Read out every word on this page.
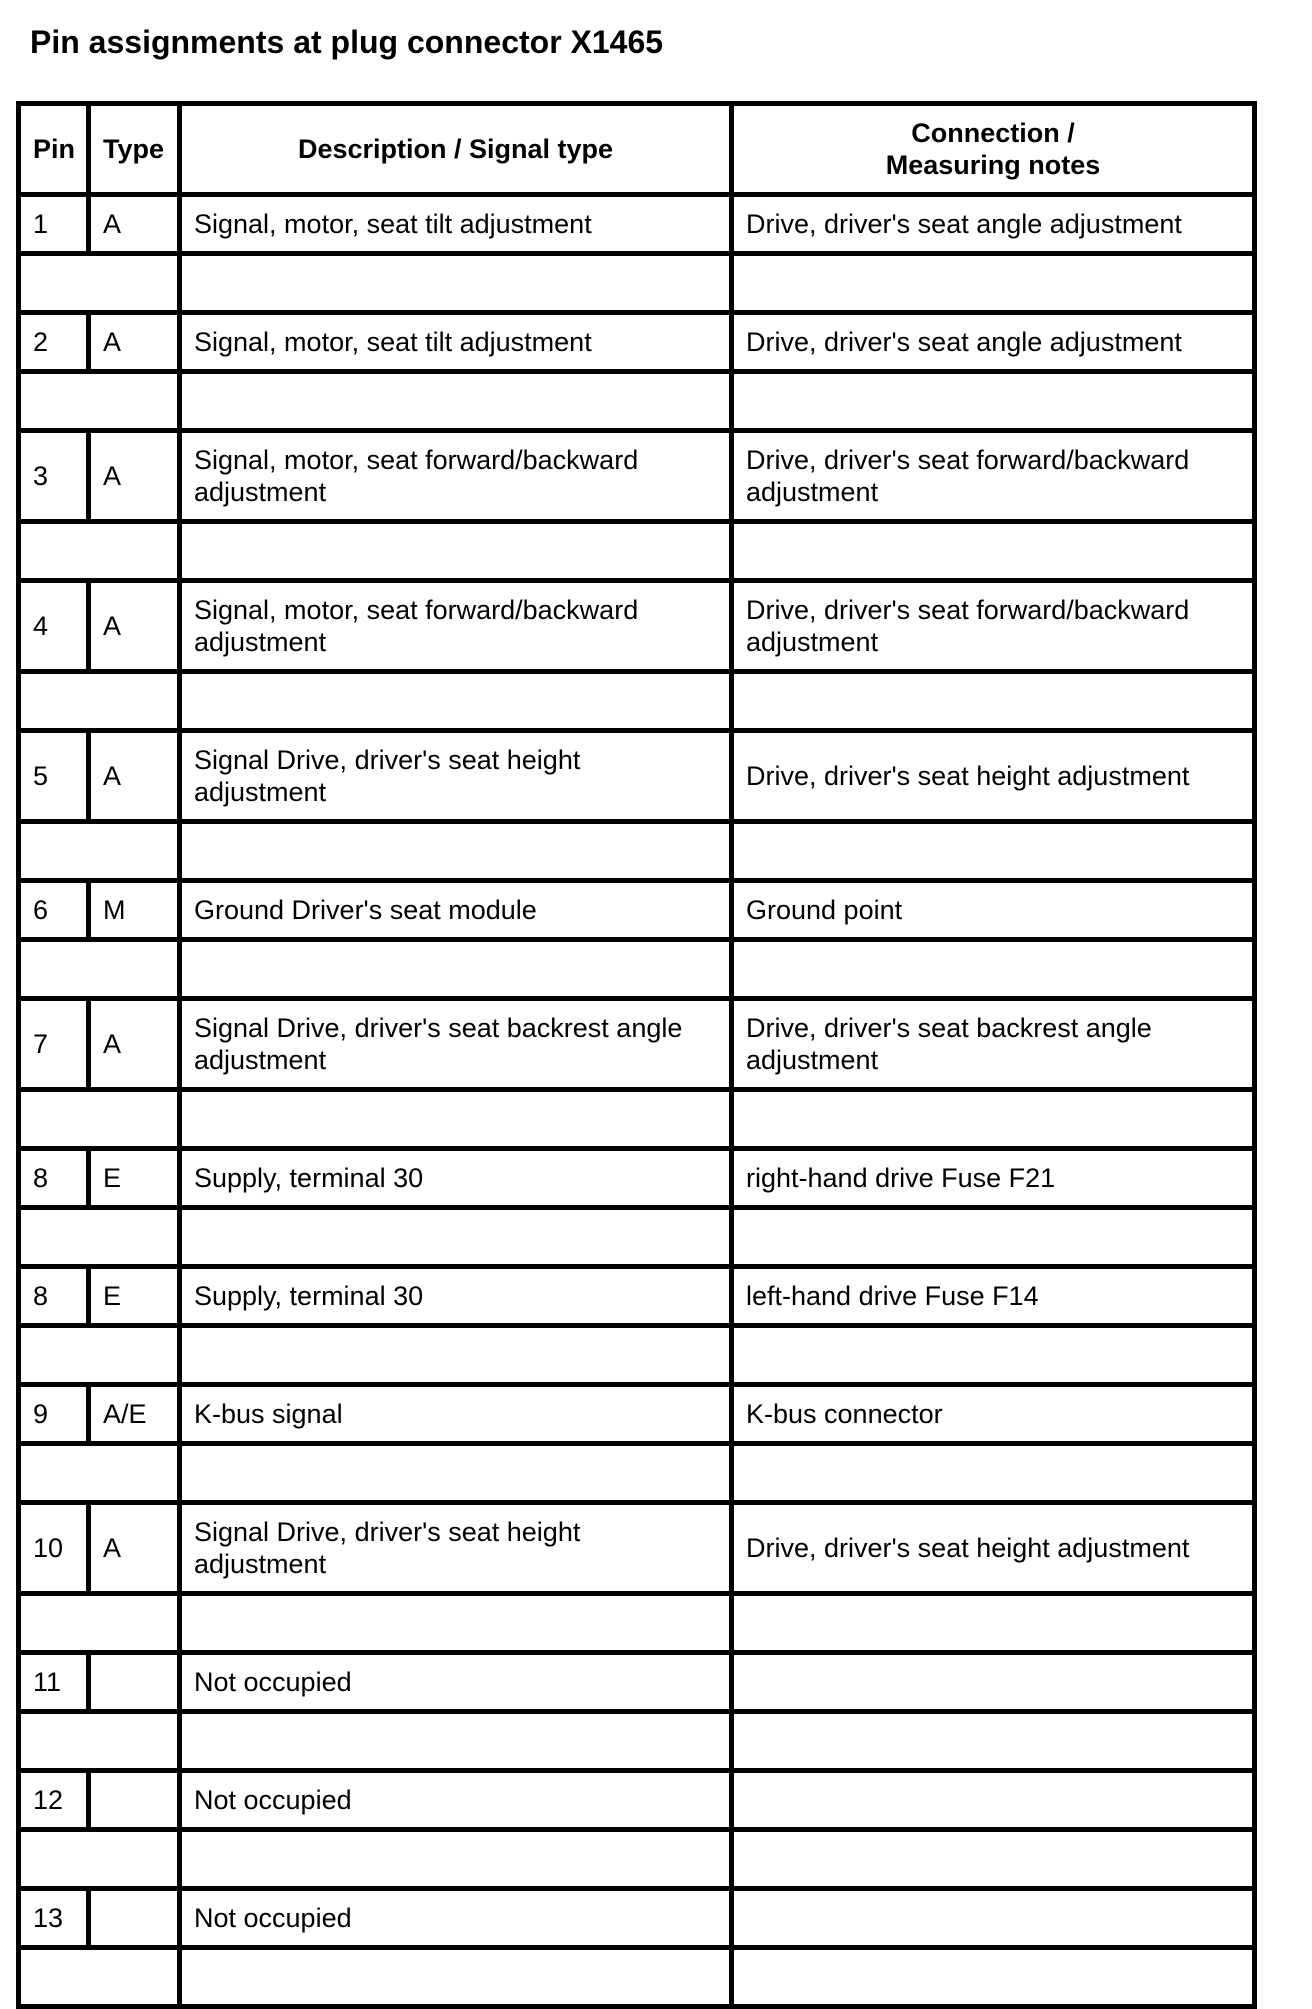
Pin assignments at plug connector X1465
Pin	Type	Description / Signal type	Connection /
Measuring notes
1	A	Signal, motor, seat tilt adjustment	Drive, driver's seat angle adjustment

2	A	Signal, motor, seat tilt adjustment	Drive, driver's seat angle adjustment

3	A	Signal, motor, seat forward/backward adjustment	Drive, driver's seat forward/backward adjustment

4	A	Signal, motor, seat forward/backward adjustment	Drive, driver's seat forward/backward adjustment

5	A	Signal Drive, driver's seat height adjustment	Drive, driver's seat height adjustment

6	M	Ground Driver's seat module	Ground point

7	A	Signal Drive, driver's seat backrest angle adjustment	Drive, driver's seat backrest angle adjustment

8	E	Supply, terminal 30	right-hand drive Fuse F21

8	E	Supply, terminal 30	left-hand drive Fuse F14

9	A/E	K-bus signal	K-bus connector

10	A	Signal Drive, driver's seat height adjustment	Drive, driver's seat height adjustment

11		Not occupied	

12		Not occupied	

13		Not occupied	
